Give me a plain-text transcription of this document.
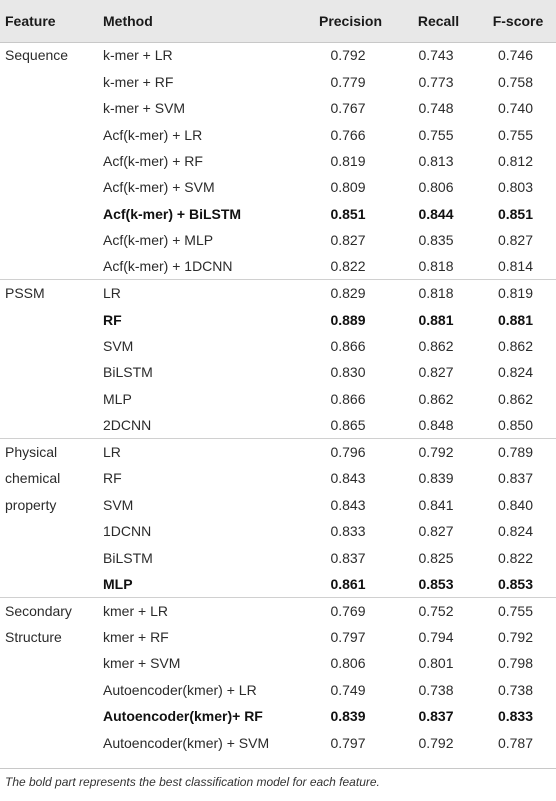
Feature	Method	Precision	Recall	F-score
Sequence	k-mer + LR	0.792	0.743	0.746
	k-mer + RF	0.779	0.773	0.758
	k-mer + SVM	0.767	0.748	0.740
	Acf(k-mer) + LR	0.766	0.755	0.755
	Acf(k-mer) + RF	0.819	0.813	0.812
	Acf(k-mer) + SVM	0.809	0.806	0.803
	Acf(k-mer) + BiLSTM	0.851	0.844	0.851
	Acf(k-mer) + MLP	0.827	0.835	0.827
	Acf(k-mer) + 1DCNN	0.822	0.818	0.814
PSSM	LR	0.829	0.818	0.819
	RF	0.889	0.881	0.881
	SVM	0.866	0.862	0.862
	BiLSTM	0.830	0.827	0.824
	MLP	0.866	0.862	0.862
	2DCNN	0.865	0.848	0.850
Physical	LR	0.796	0.792	0.789
chemical	RF	0.843	0.839	0.837
property	SVM	0.843	0.841	0.840
	1DCNN	0.833	0.827	0.824
	BiLSTM	0.837	0.825	0.822
	MLP	0.861	0.853	0.853
Secondary	kmer + LR	0.769	0.752	0.755
Structure	kmer + RF	0.797	0.794	0.792
	kmer + SVM	0.806	0.801	0.798
	Autoencoder(kmer) + LR	0.749	0.738	0.738
	Autoencoder(kmer)+ RF	0.839	0.837	0.833
	Autoencoder(kmer) + SVM	0.797	0.792	0.787
The bold part represents the best classification model for each feature.
